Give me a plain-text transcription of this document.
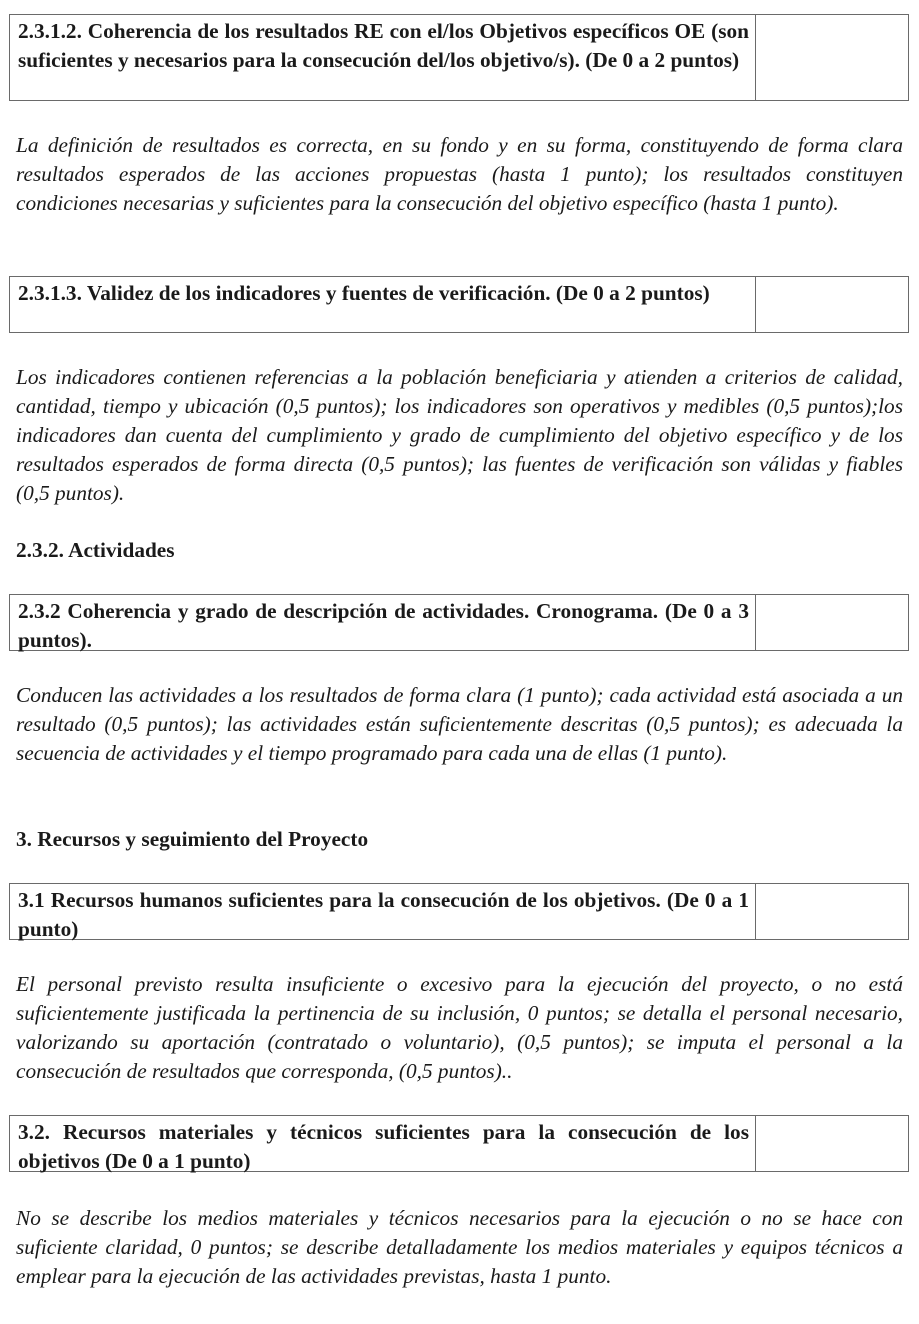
2.3.1.2. Coherencia de los resultados RE con el/los Objetivos específicos OE (son suficientes y necesarios para la consecución del/los objetivo/s). (De 0 a 2 puntos)

La definición de resultados es correcta, en su fondo y en su forma, constituyendo de forma clara resultados esperados de las acciones propuestas (hasta 1 punto); los resultados constituyen condiciones necesarias y suficientes para la consecución del objetivo específico (hasta 1 punto).

2.3.1.3. Validez de los indicadores y fuentes de verificación. (De 0 a 2 puntos)

Los indicadores contienen referencias a la población beneficiaria y atienden a criterios de calidad, cantidad, tiempo y ubicación (0,5 puntos); los indicadores son operativos y medibles (0,5 puntos);los indicadores dan cuenta del cumplimiento y grado de cumplimiento del objetivo específico y de los resultados esperados de forma directa (0,5 puntos); las fuentes de verificación son válidas y fiables (0,5 puntos).

2.3.2. Actividades

2.3.2 Coherencia y grado de descripción de actividades. Cronograma. (De 0 a 3 puntos).

Conducen las actividades a los resultados de forma clara (1 punto); cada actividad está asociada a un resultado (0,5 puntos); las actividades están suficientemente descritas (0,5 puntos); es adecuada la secuencia de actividades y el tiempo programado para cada una de ellas (1 punto).

3. Recursos y seguimiento del Proyecto

3.1 Recursos humanos suficientes para la consecución de los objetivos. (De 0 a 1 punto)

El personal previsto resulta insuficiente o excesivo para la ejecución del proyecto, o no está suficientemente justificada la pertinencia de su inclusión, 0 puntos; se detalla el personal necesario, valorizando su aportación (contratado o voluntario), (0,5 puntos); se imputa el personal a la consecución de resultados que corresponda, (0,5 puntos)..

3.2. Recursos materiales y técnicos suficientes para la consecución de los objetivos (De 0 a 1 punto)

No se describe los medios materiales y técnicos necesarios para la ejecución o no se hace con suficiente claridad, 0 puntos; se describe detalladamente los medios materiales y equipos técnicos a emplear para la ejecución de las actividades previstas, hasta 1 punto.
